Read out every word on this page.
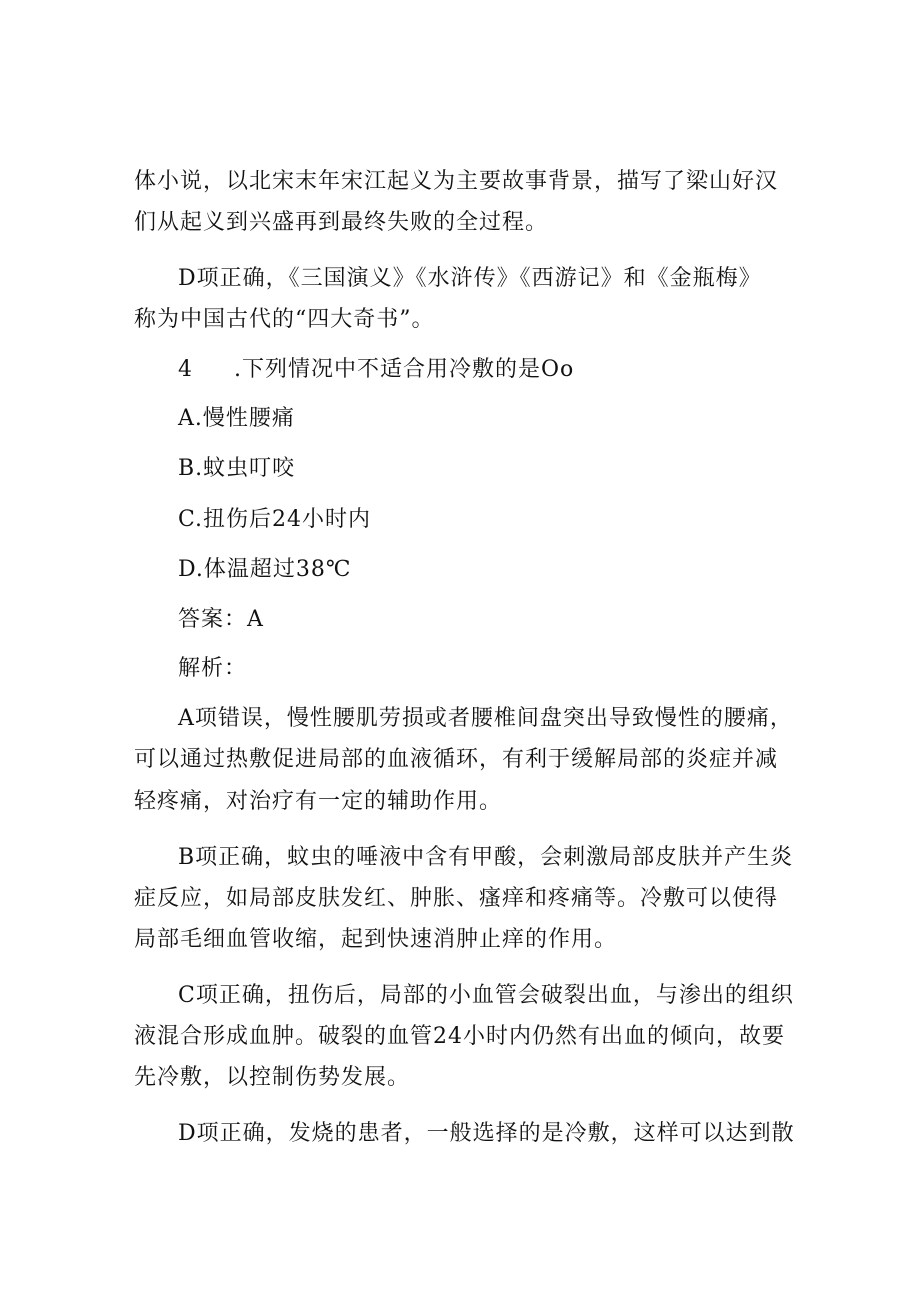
体小说，以北宋末年宋江起义为主要故事背景，描写了梁山好汉
们从起义到兴盛再到最终失败的全过程。
D项正确，《三国演义》《水浒传》《西游记》和《金瓶梅》
称为中国古代的“四大奇书”。
4 .下列情况中不适合用冷敷的是Oo
A.慢性腰痛
B.蚊虫叮咬
C.扭伤后24小时内
D.体温超过38℃
答案：A
解析：
A项错误，慢性腰肌劳损或者腰椎间盘突出导致慢性的腰痛，
可以通过热敷促进局部的血液循环，有利于缓解局部的炎症并减
轻疼痛，对治疗有一定的辅助作用。
B项正确，蚊虫的唾液中含有甲酸，会刺激局部皮肤并产生炎
症反应，如局部皮肤发红、肿胀、瘙痒和疼痛等。冷敷可以使得
局部毛细血管收缩，起到快速消肿止痒的作用。
C项正确，扭伤后，局部的小血管会破裂出血，与渗出的组织
液混合形成血肿。破裂的血管24小时内仍然有出血的倾向，故要
先冷敷，以控制伤势发展。
D项正确，发烧的患者，一般选择的是冷敷，这样可以达到散
